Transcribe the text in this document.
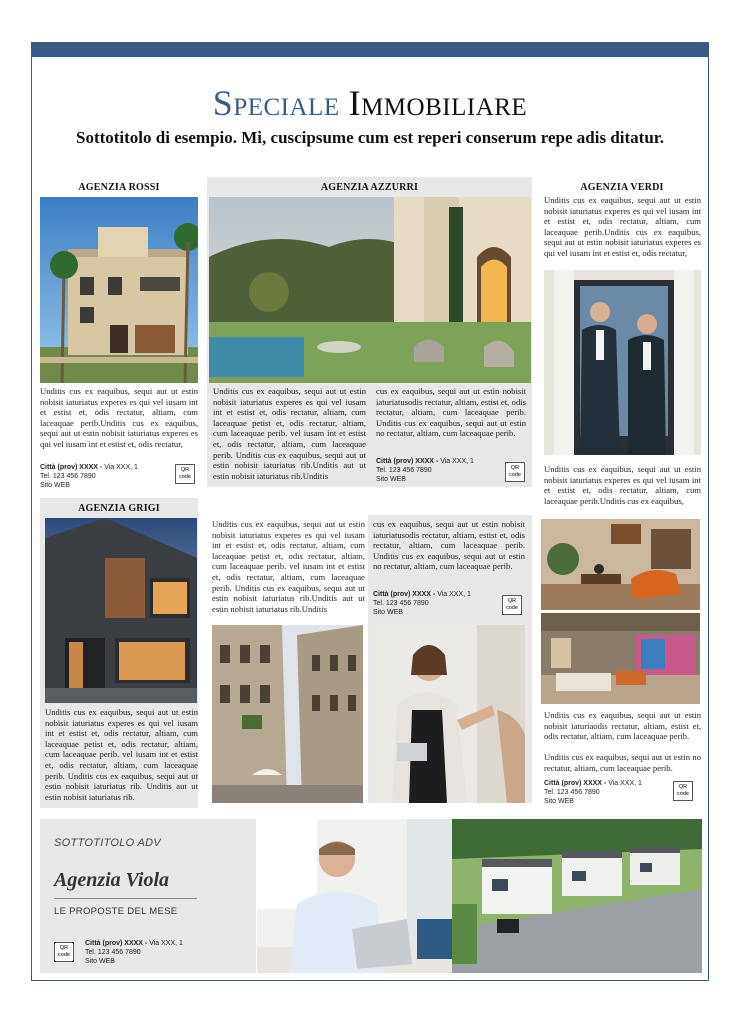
Speciale Immobiliare
Sottotitolo di esempio. Mi, cuscipsume cum est reperi conserum repe adis ditatur.
AGENZIA ROSSI
Unditis cus ex eaquibus, sequi aut ut estin nobisit iaturiatus experes es qui vel iusam int et estist et, odis rectatur, altiam, cum laceaquae perib.Unditis cus ex eaquibus, sequi aut ut estin nobisit iaturiatus experes es qui vel iusam int et estist et, odis rectatur,
Città (prov) XXXX - Via XXX, 1
Tel. 123 456 7890
Sito WEB
QR code
AGENZIA AZZURRI
Unditis cus ex eaquibus, sequi aut ut estin nobisit iaturiatus experes es qui vel iusam int et estist et, odis rectatur, altiam, cum laceaquae petist et, odis rectatur, altiam, cum laceaquae perib. vel iusam int et estist et, odis rectatur, altiam, cum laceaquae perib. Unditis cus ex eaquibus, sequi aut ut estin nobisit iaturiatus rib.Unditis aut ut estin nobisit iaturiatus rib.Unditis
cus ex eaquibus, sequi aut ut estin nobisit iaturiatusodis rectatur, altiam, estist et, odis rectatur, altiam, cum laceaquae perib. Unditis cus ex eaquibus, sequi aut ut estin no rectatur, altiam, cum laceaquae perib.
Città (prov) XXXX - Via XXX, 1
Tel. 123 456 7890
Sito WEB
QR code
AGENZIA VERDI
Unditis cus ex eaquibus, sequi aut ut estin nobisit iaturiatus experes es qui vel iusam int et estist et, odis rectatur, altiam, cum laceaquae perib.Unditis cus ex eaquibus, sequi aut ut estin nobisit iaturiatus experes es qui vel iusam int et estist et, odis rectatur,
Unditis cus ex eaquibus, sequi aut ut estin nobisit iaturiatus experes es qui vel iusam int et estist et, odis rectatur, altiam, cum laceaquae perib.Unditis cus ex eaquibus,
Unditis cus ex eaquibus, sequi aut ut estin nobisit iaturiaodis rectatur, altiam, estist et, odis rectatur, altiam, cum laceaquae perib.
Unditis cus ex eaquibus, sequi aut ut estin no rectatur, altiam, cum laceaquae perib.
Città (prov) XXXX - Via XXX, 1
Tel. 123 456 7890
Sito WEB
QR code
AGENZIA GRIGI
Unditis cus ex eaquibus, sequi aut ut estin nobisit iaturiatus experes es qui vel iusam int et estist et, odis rectatur, altiam, cum laceaquae petist et, odis rectatur, altiam, cum laceaquae perib. vel iusam int et estist et, odis rectatur, altiam, cum laceaquae perib. Unditis cus ex eaquibus, sequi aut ut estin nobisit iaturiatus rib. Unditis aut ut estin nobisit iaturiatus rib.
Unditis cus ex eaquibus, sequi aut ut estin nobisit iaturiatus experes es qui vel iusam int et estist et, odis rectatur, altiam, cum laceaquae petist et, odis rectatur, altiam, cum laceaquae perib. vel iusam int et estist et, odis rectatur, altiam, cum laceaquae perib. Unditis cus ex eaquibus, sequi aut ut estin nobisit iaturiatus rib.Unditis aut ut estin nobisit iaturiatus rib.Unditis
cus ex eaquibus, sequi aut ut estin nobisit iaturiatusodis rectatur, altiam, estist et, odis rectatur, altiam, cum laceaquae perib. Unditis cus ex eaquibus, sequi aut ut estin no rectatur, altiam, cum laceaquae perib.
Città (prov) XXXX - Via XXX, 1
Tel. 123 456 7890
Sito WEB
QR code
SOTTOTITOLO ADV
Agenzia Viola
LE PROPOSTE DEL MESE
QR code
Città (prov) XXXX - Via XXX, 1
Tel. 123 456 7890
Sito WEB
